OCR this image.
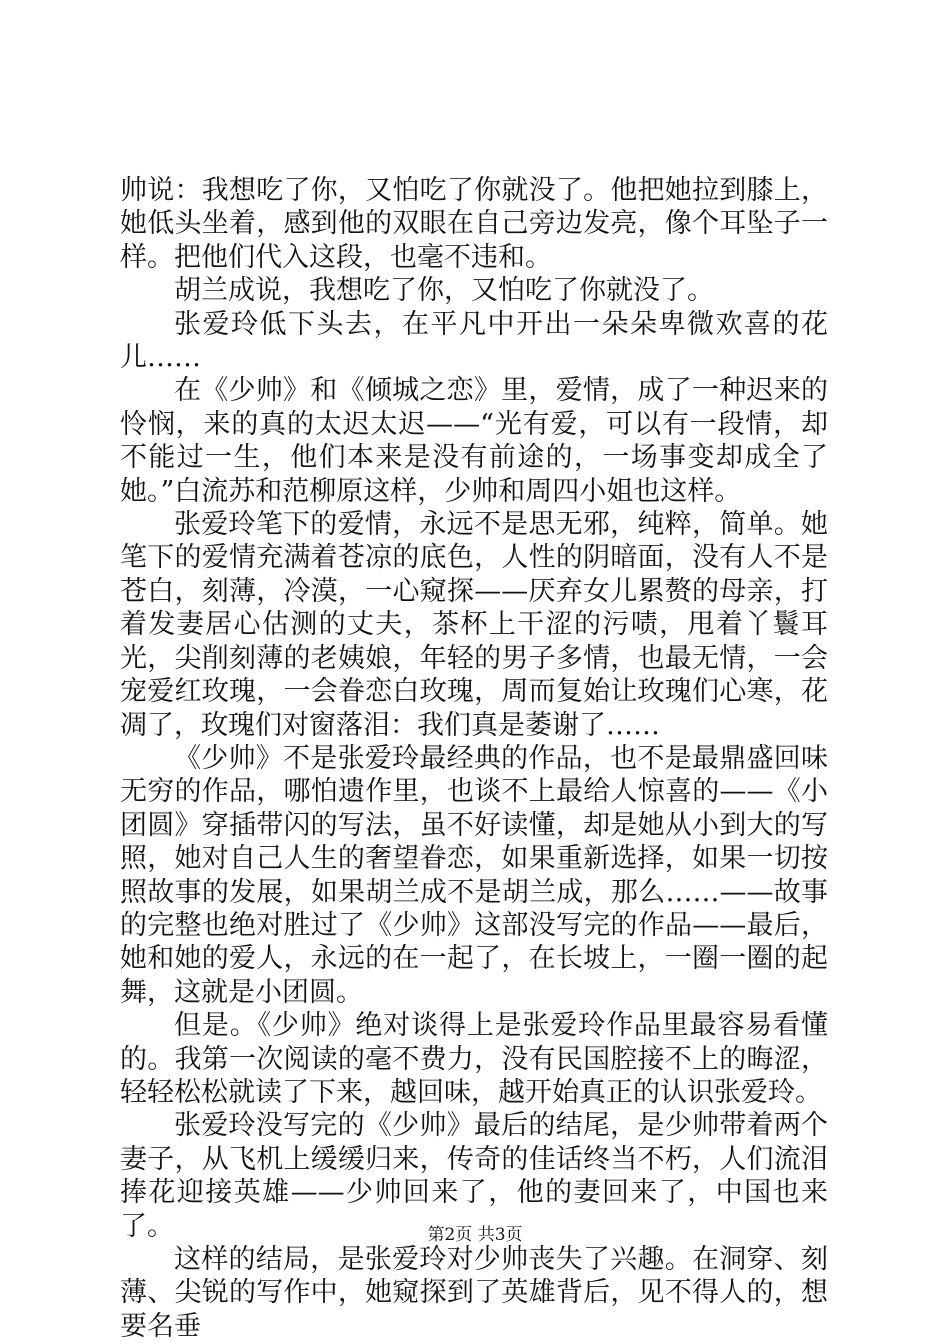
帅说：我想吃了你，又怕吃了你就没了。他把她拉到膝上，她低头坐着，感到他的双眼在自己旁边发亮，像个耳坠子一样。把他们代入这段，也毫不违和。

胡兰成说，我想吃了你，又怕吃了你就没了。

张爱玲低下头去，在平凡中开出一朵朵卑微欢喜的花儿……

在《少帅》和《倾城之恋》里，爱情，成了一种迟来的怜悯，来的真的太迟太迟——“光有爱，可以有一段情，却不能过一生，他们本来是没有前途的，一场事变却成全了她。”白流苏和范柳原这样，少帅和周四小姐也这样。

张爱玲笔下的爱情，永远不是思无邪，纯粹，简单。她笔下的爱情充满着苍凉的底色，人性的阴暗面，没有人不是苍白，刻薄，冷漠，一心窥探——厌弃女儿累赘的母亲，打着发妻居心估测的丈夫，茶杯上干涩的污啧，甩着丫鬟耳光，尖削刻薄的老姨娘，年轻的男子多情，也最无情，一会宠爱红玫瑰，一会眷恋白玫瑰，周而复始让玫瑰们心寒，花凋了，玫瑰们对窗落泪：我们真是萎谢了……

《少帅》不是张爱玲最经典的作品，也不是最鼎盛回味无穷的作品，哪怕遗作里，也谈不上最给人惊喜的——《小团圆》穿插带闪的写法，虽不好读懂，却是她从小到大的写照，她对自己人生的奢望眷恋，如果重新选择，如果一切按照故事的发展，如果胡兰成不是胡兰成，那么……——故事的完整也绝对胜过了《少帅》这部没写完的作品——最后，她和她的爱人，永远的在一起了，在长坡上，一圈一圈的起舞，这就是小团圆。

但是。《少帅》绝对谈得上是张爱玲作品里最容易看懂的。我第一次阅读的毫不费力，没有民国腔接不上的晦涩，轻轻松松就读了下来，越回味，越开始真正的认识张爱玲。

张爱玲没写完的《少帅》最后的结尾，是少帅带着两个妻子，从飞机上缓缓归来，传奇的佳话终当不朽，人们流泪捧花迎接英雄——少帅回来了，他的妻回来了，中国也来了。

这样的结局，是张爱玲对少帅丧失了兴趣。在洞穿、刻薄、尖锐的写作中，她窥探到了英雄背后，见不得人的，想要名垂

第2页 共3页
